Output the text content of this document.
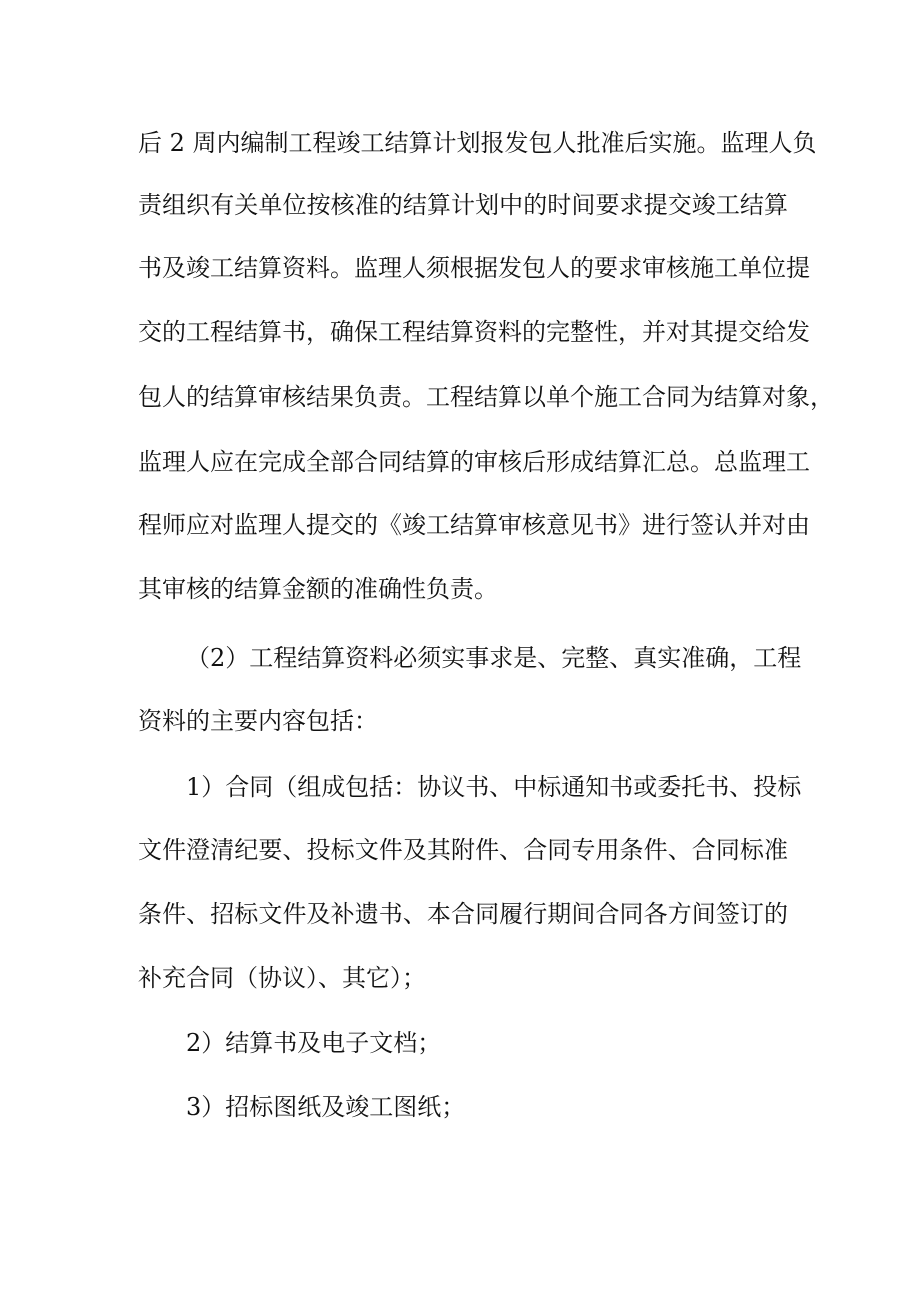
后 2 周内编制工程竣工结算计划报发包人批准后实施。监理人负
责组织有关单位按核准的结算计划中的时间要求提交竣工结算
书及竣工结算资料。监理人须根据发包人的要求审核施工单位提
交的工程结算书，确保工程结算资料的完整性，并对其提交给发
包人的结算审核结果负责。工程结算以单个施工合同为结算对象，
监理人应在完成全部合同结算的审核后形成结算汇总。总监理工
程师应对监理人提交的《竣工结算审核意见书》进行签认并对由
其审核的结算金额的准确性负责。
（2）工程结算资料必须实事求是、完整、真实准确，工程
资料的主要内容包括：
1）合同（组成包括：协议书、中标通知书或委托书、投标
文件澄清纪要、投标文件及其附件、合同专用条件、合同标准
条件、招标文件及补遗书、本合同履行期间合同各方间签订的
补充合同（协议）、其它）；
2）结算书及电子文档；
3）招标图纸及竣工图纸；
